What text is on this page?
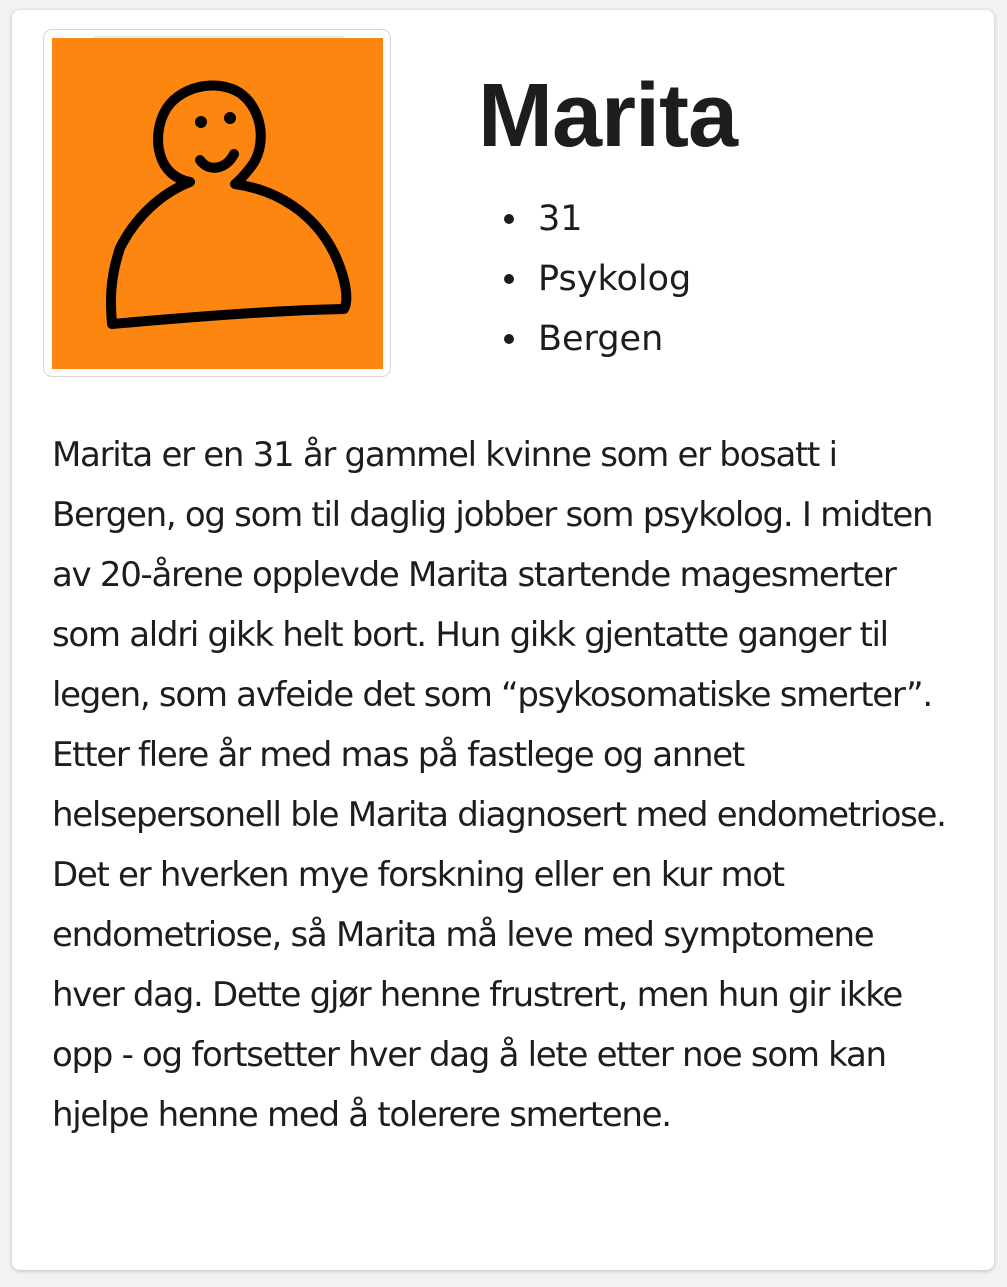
Marita
31
Psykolog
Bergen

Marita er en 31 år gammel kvinne som er bosatt i Bergen, og som til daglig jobber som psykolog. I midten av 20-årene opplevde Marita startende magesmerter som aldri gikk helt bort. Hun gikk gjentatte ganger til legen, som avfeide det som “psykosomatiske smerter”. Etter flere år med mas på fastlege og annet helsepersonell ble Marita diagnosert med endometriose. Det er hverken mye forskning eller en kur mot endometriose, så Marita må leve med symptomene hver dag. Dette gjør henne frustrert, men hun gir ikke opp - og fortsetter hver dag å lete etter noe som kan hjelpe henne med å tolerere smertene.
